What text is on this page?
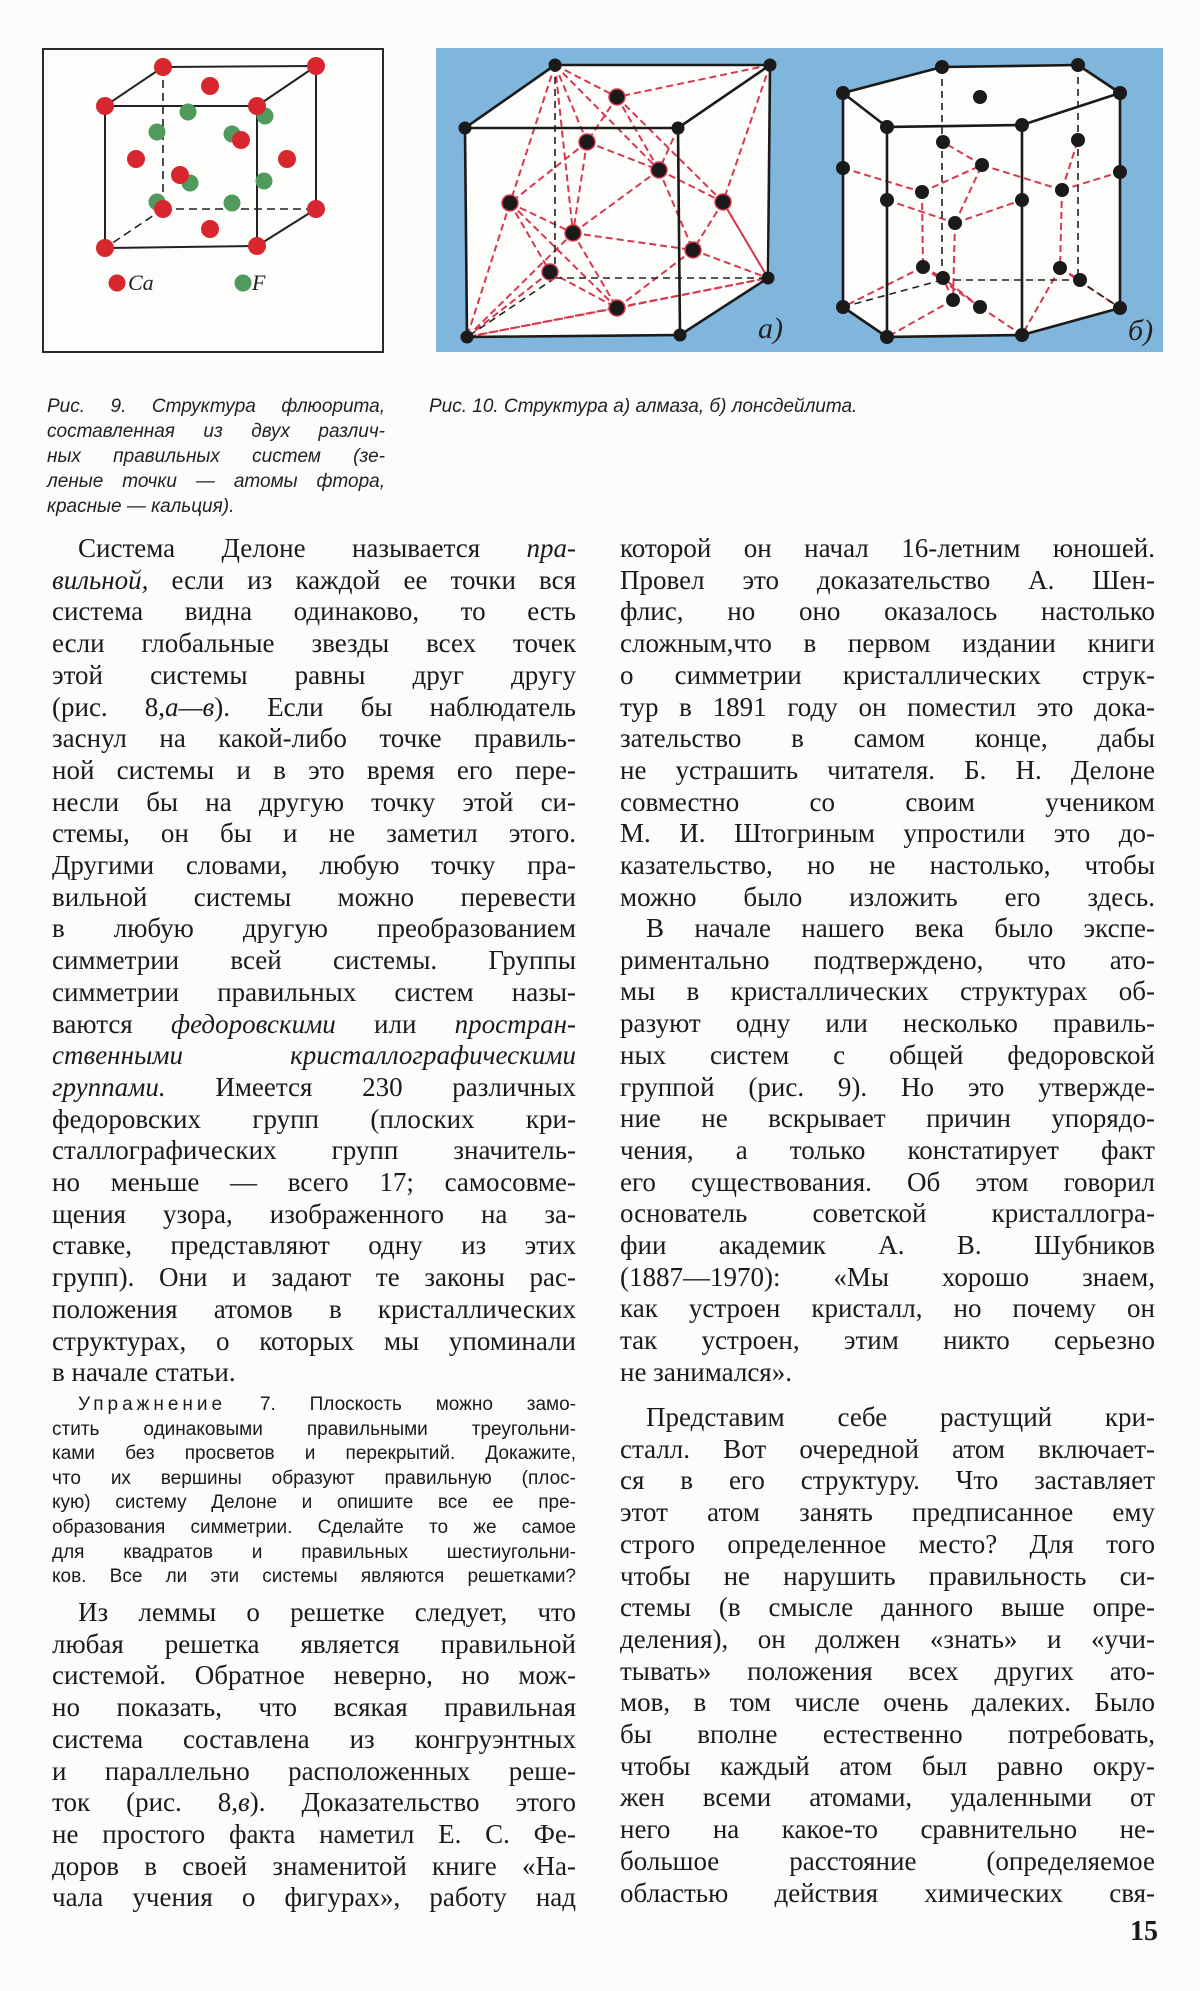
Ca	F
а)	б)
Рис. 9. Структура флюорита,
составленная из двух различ-
ных правильных систем (зе-
леные точки — атомы фтора,
красные — кальция).
Рис. 10. Структура а) алмаза, б) лонсдейлита.
Система Делоне называется пра-
вильной, если из каждой ее точки вся
система видна одинаково, то есть
если глобальные звезды всех точек
этой системы равны друг другу
(рис. 8,а—в). Если бы наблюдатель
заснул на какой-либо точке правиль-
ной системы и в это время его пере-
несли бы на другую точку этой си-
стемы, он бы и не заметил этого.
Другими словами, любую точку пра-
вильной системы можно перевести
в любую другую преобразованием
симметрии всей системы. Группы
симметрии правильных систем назы-
ваются федоровскими или простран-
ственными кристаллографическими
группами. Имеется 230 различных
федоровских групп (плоских кри-
сталлографических групп значитель-
но меньше — всего 17; самосовме-
щения узора, изображенного на за-
ставке, представляют одну из этих
групп). Они и задают те законы рас-
положения атомов в кристаллических
структурах, о которых мы упоминали
в начале статьи.
Упражнение 7. Плоскость можно замо-
стить одинаковыми правильными треугольни-
ками без просветов и перекрытий. Докажите,
что их вершины образуют правильную (плос-
кую) систему Делоне и опишите все ее пре-
образования симметрии. Сделайте то же самое
для квадратов и правильных шестиугольни-
ков. Все ли эти системы являются решетками?
Из леммы о решетке следует, что
любая решетка является правильной
системой. Обратное неверно, но мож-
но показать, что всякая правильная
система составлена из конгруэнтных
и параллельно расположенных реше-
ток (рис. 8,в). Доказательство этого
не простого факта наметил Е. С. Фе-
доров в своей знаменитой книге «На-
чала учения о фигурах», работу над
которой он начал 16-летним юношей.
Провел это доказательство А. Шен-
флис, но оно оказалось настолько
сложным,что в первом издании книги
о симметрии кристаллических струк-
тур в 1891 году он поместил это дока-
зательство в самом конце, дабы
не устрашить читателя. Б. Н. Делоне
совместно со своим учеником
М. И. Штогриным упростили это до-
казательство, но не настолько, чтобы
можно было изложить его здесь.
В начале нашего века было экспе-
риментально подтверждено, что ато-
мы в кристаллических структурах об-
разуют одну или несколько правиль-
ных систем с общей федоровской
группой (рис. 9). Но это утвержде-
ние не вскрывает причин упорядо-
чения, а только констатирует факт
его существования. Об этом говорил
основатель советской кристаллогра-
фии академик А. В. Шубников
(1887—1970): «Мы хорошо знаем,
как устроен кристалл, но почему он
так устроен, этим никто серьезно
не занимался».
Представим себе растущий кри-
сталл. Вот очередной атом включает-
ся в его структуру. Что заставляет
этот атом занять предписанное ему
строго определенное место? Для того
чтобы не нарушить правильность си-
стемы (в смысле данного выше опре-
деления), он должен «знать» и «учи-
тывать» положения всех других ато-
мов, в том числе очень далеких. Было
бы вполне естественно потребовать,
чтобы каждый атом был равно окру-
жен всеми атомами, удаленными от
него на какое-то сравнительно не-
большое расстояние (определяемое
областью действия химических свя-
15
